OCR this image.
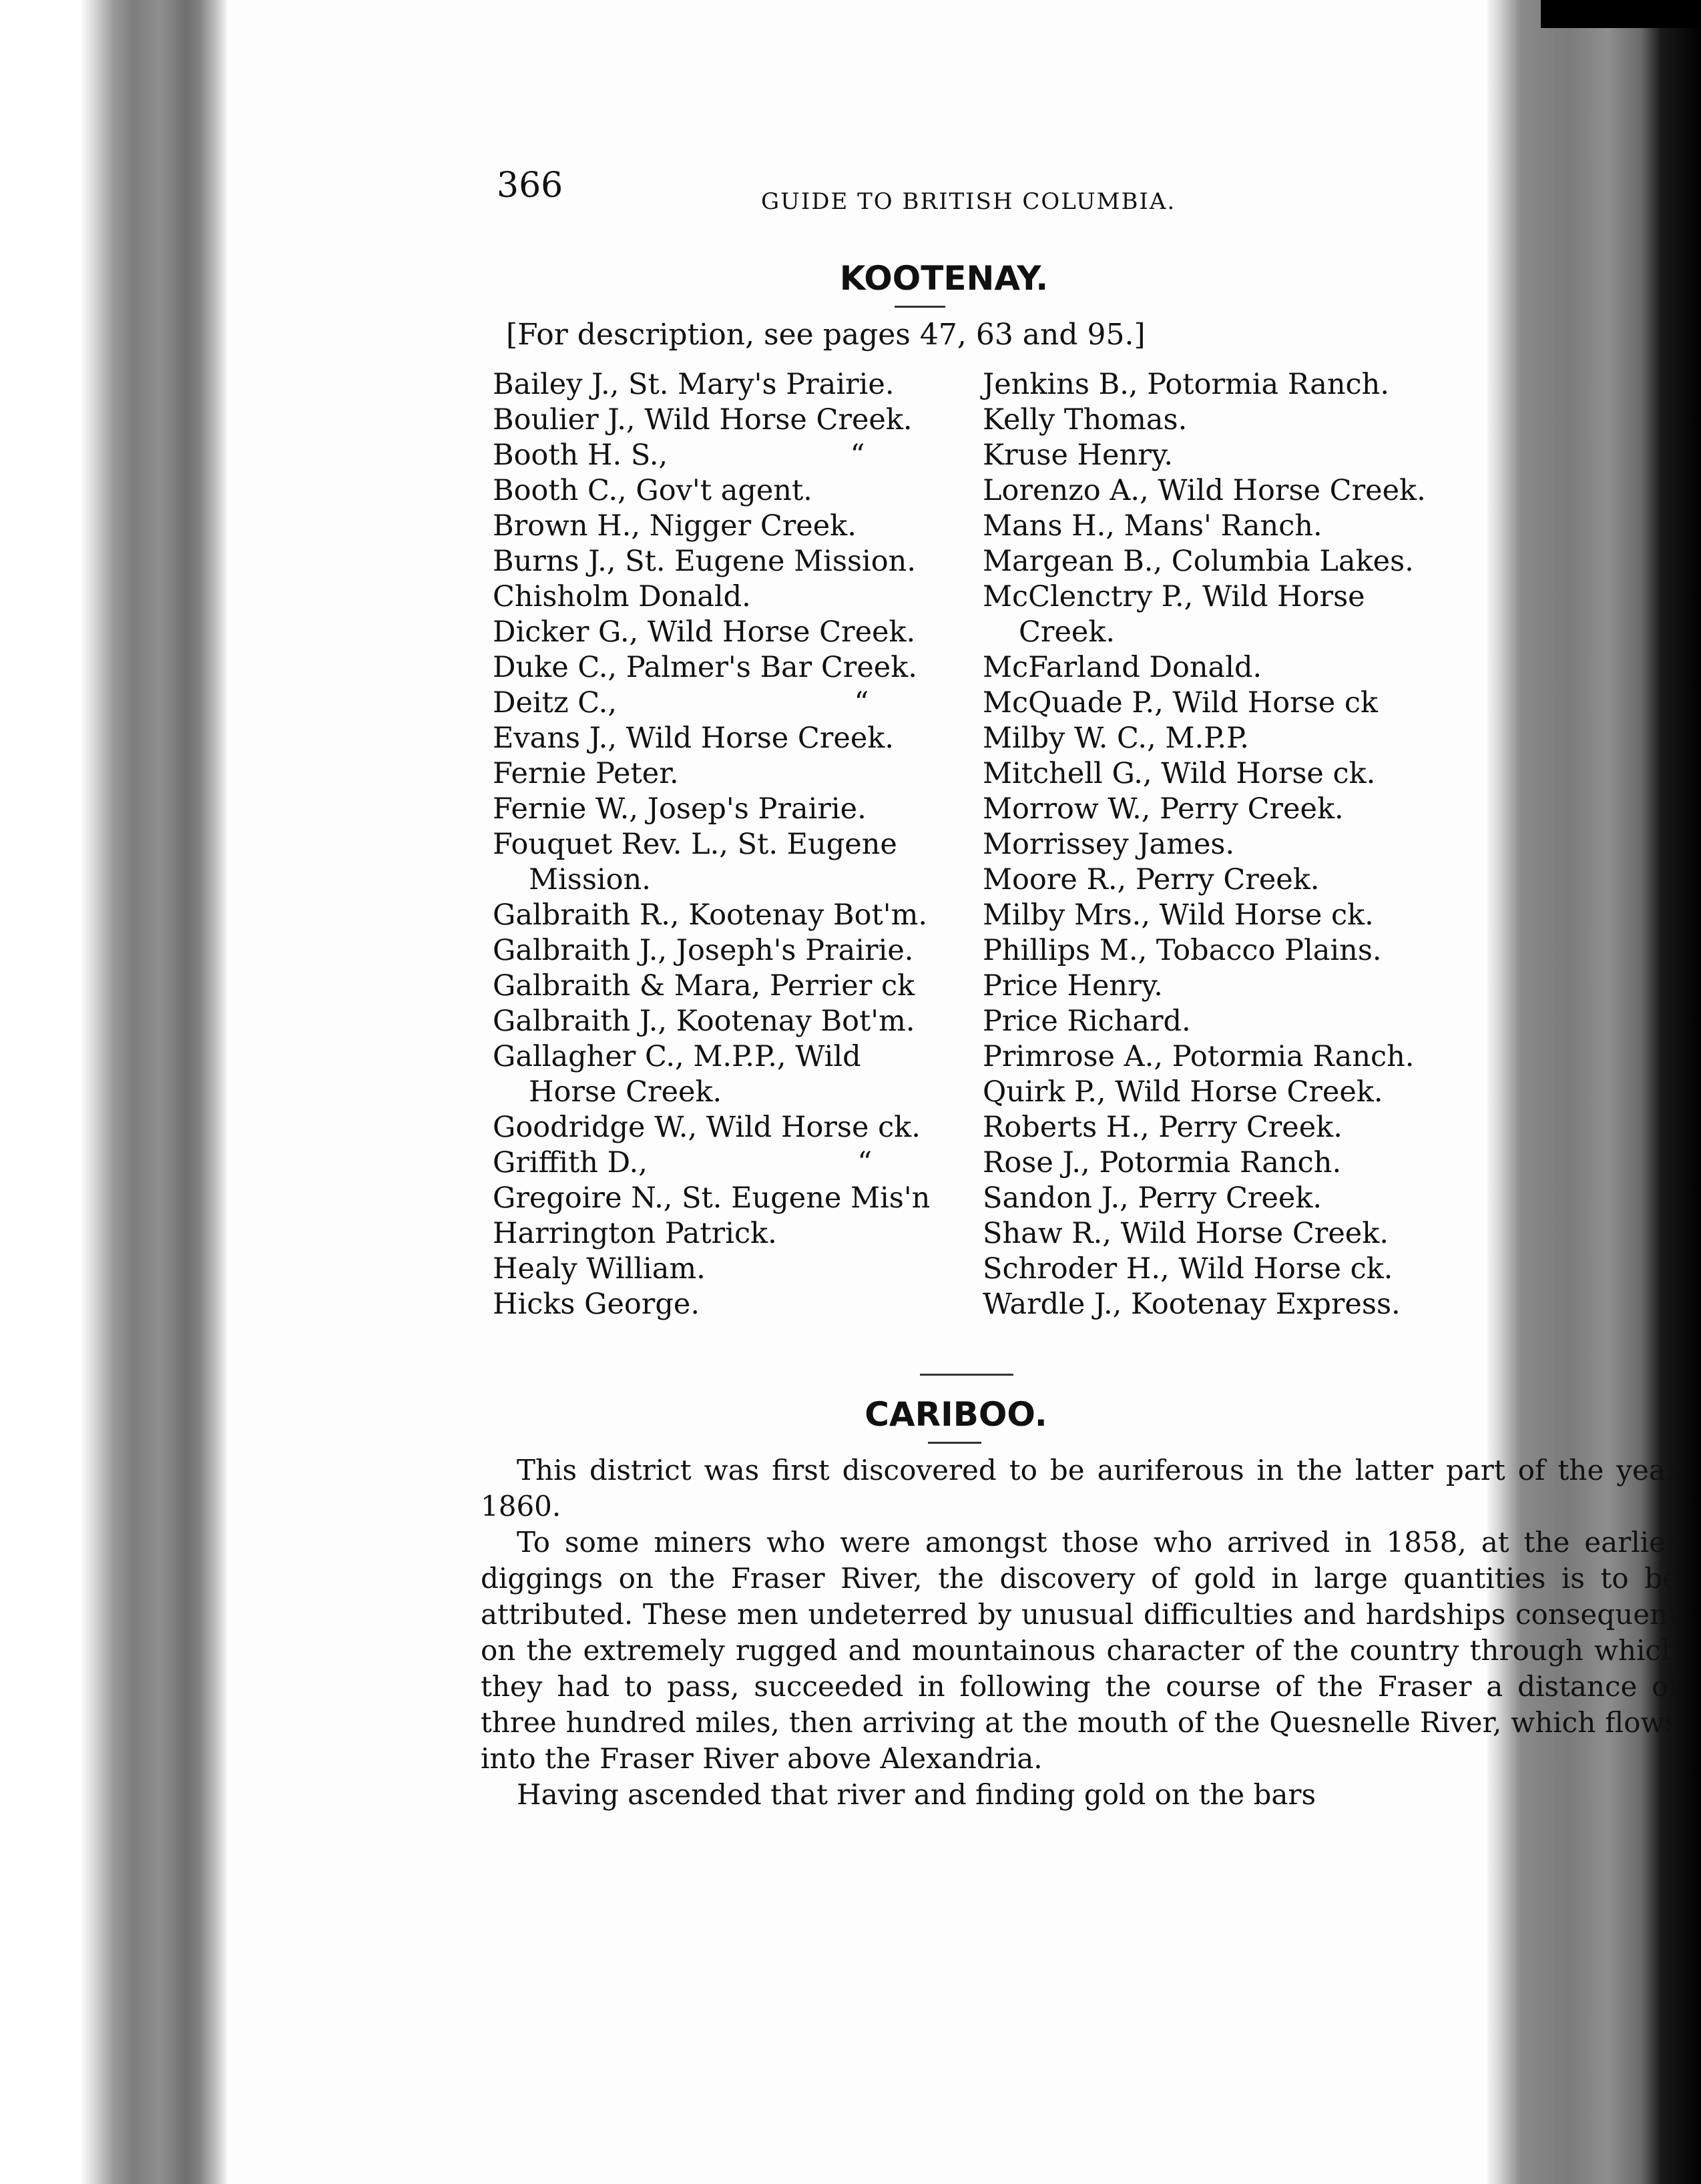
366	GUIDE TO BRITISH COLUMBIA.
KOOTENAY.
[For description, see pages 47, 63 and 95.]
Bailey J., St. Mary's Prairie.
Boulier J., Wild Horse Creek.
Booth H. S.,                    “
Booth C., Gov't agent.
Brown H., Nigger Creek.
Burns J., St. Eugene Mission.
Chisholm Donald.
Dicker G., Wild Horse Creek.
Duke C., Palmer's Bar Creek.
Deitz C.,                          “
Evans J., Wild Horse Creek.
Fernie Peter.
Fernie W., Josep's Prairie.
Fouquet Rev. L., St. Eugene
Mission.
Galbraith R., Kootenay Bot'm.
Galbraith J., Joseph's Prairie.
Galbraith & Mara, Perrier ck
Galbraith J., Kootenay Bot'm.
Gallagher C., M.P.P., Wild
Horse Creek.
Goodridge W., Wild Horse ck.
Griffith D.,                       “
Gregoire N., St. Eugene Mis'n
Harrington Patrick.
Healy William.
Hicks George.
Jenkins B., Potormia Ranch.
Kelly Thomas.
Kruse Henry.
Lorenzo A., Wild Horse Creek.
Mans H., Mans' Ranch.
Margean B., Columbia Lakes.
McClenctry P., Wild Horse
Creek.
McFarland Donald.
McQuade P., Wild Horse ck
Milby W. C., M.P.P.
Mitchell G., Wild Horse ck.
Morrow W., Perry Creek.
Morrissey James.
Moore R., Perry Creek.
Milby Mrs., Wild Horse ck.
Phillips M., Tobacco Plains.
Price Henry.
Price Richard.
Primrose A., Potormia Ranch.
Quirk P., Wild Horse Creek.
Roberts H., Perry Creek.
Rose J., Potormia Ranch.
Sandon J., Perry Creek.
Shaw R., Wild Horse Creek.
Schroder H., Wild Horse ck.
Wardle J., Kootenay Express.
CARIBOO.

This district was first discovered to be auriferous in the latter part of the year 1860.

To some miners who were amongst those who arrived in 1858, at the earlier diggings on the Fraser River, the discovery of gold in large quantities is to be attributed. These men undeterred by unusual difficulties and hardships consequent on the extremely rugged and mountainous character of the country through which they had to pass, succeeded in following the course of the Fraser a distance of three hundred miles, then arriving at the mouth of the Quesnelle River, which flows into the Fraser River above Alexandria.

Having ascended that river and finding gold on the bars
